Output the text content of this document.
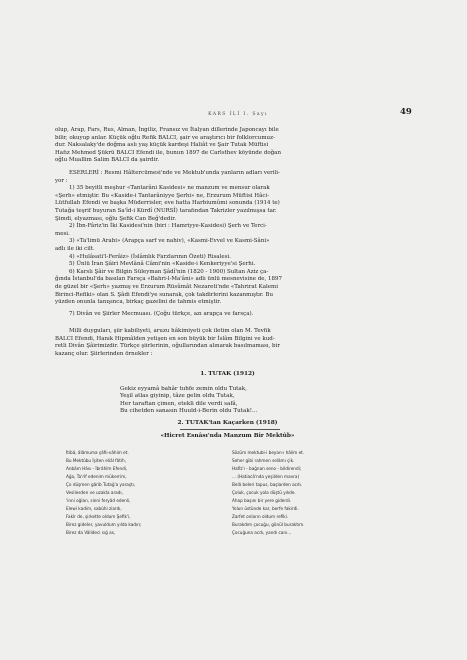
KARS İLİ I. Sayı	49

olup, Arap, Fars, Rus, Alman, İngiliz, Fransız ve İtalyan dillerinde Japoncayı bile

bilir, okuyup anlar. Küçük oğlu Refik BALCI, şair ve araştırıcı bir folklorcumuz-

dur. Naksalaky'de doğma aslı yaş küçük kardeşi Haliât ve Şair Tutak Müftisi

Hafız Mehmed Şükrü BALCI Efendi ile, bunun 1897 de Carlsthev köyünde doğan

oğlu Muallim Salim BALCI da şairdir.

ESERLERİ : Resmi Hâltercümesi'nde ve Mektub'unda yanların adları verili-

yor :

1) 35 beyitli meşhur «Tantarâni Kasidesi» ne manzum ve mensur olarak

«Şerh» etmiştir. Bu «Kaside-i Tantarâniyye Şerhi» ne, Erzurum Müftisi Hâci-

Lütfullah Efendi ve başka Müderrisler, eve hatta Harbiumûmi sonunda (1914 te)

Tutağa teşrif buyuran Sa'îd-i Kürdî (NURSÎ) tarafından Takrizler yazılmışsa tar.

Şimdi, elyazması, oğlu Şefik Can Beğ'dedir.

2) İbn-Fâriz'in İki Kasidesi'nin (biri : Hamriyye-Kasidesi) Şerh ve Terci-

mesi.

3) «Ta'limü Arabi» (Arapça sarf ve nahiv), «Kasmi-Evvel ve Kasmi-Sâni»

adlı ile iki cilt.

4) «Hulâsati'l-Ferâiz» (İslâmlık Farzlarının Özeti) Risalesi.

5) Ünlü İran Şâiri Mevlânâ Câmi'nin «Kaside-i Kenkeriyye'si Şerhi.

6) Karslı Şâir ve Bilgin Süleyman Şâdî'nin (1820 - 1900) Sultan Aziz ça-

ğında İstanbul'da basılan Farsça «Bahri-l-Ma'âni» adlı ünlü mesnevisine de, 1897

de güzel bir «Şerh» yazmış ve Erzurum Rüsûmât Nezareti'nde «Tahrirat Kalemi

Birinci-Refiki» olan S. Şâdi Efendi'ye sunarak, çok takdirlerini kazanmıştır. Bu

yüzden onunla tanışınca, birkaç gazelini de tahmis etmiştir.

7) Divân ve Şiirler Mecmuası. (Çoğu türkçe, azı arapça ve farsça).

Milli duyguları, şiir kabiliyeti, aruzu hâkimiyeti çok iletim olan M. Tevfik

BALCI Efendi, Hanık Hipmâlden yetişen en son büyük bir İslâm Bilgini ve kud-

retli Divân Şâirimizdir. Türkçe şiirlerinin, oğullarından alınarak basılmaması, bir

kazanç olur. Şiirlerinden örnekler :

1. TUTAK (1912)

Gekiz eyyamâ bahâr tuhfe zemin oldu Tutak,

Yeşil atlas giyinip, tâze gelin oldu Tutak,

Her taraftan çimen, etekli dile verdi safâ,

Bu cihetden sanasın Huuld-i-Berin oldu Tutak!...

2. TUTAK'tan Kaçarken (1918)
«Hicret Esnâsı'nda Manzum Bir Mektûb»

İtibâ, âlâmuma şâfiı-vâhim et.

Bu Mektûbu İşiten eliâl fâtih,

Anbâm Hâsı - İbrâhîm Efendi,

Ağa, Ta'rîf edenim mükerrim,

Ço düşmen gârib Tutağ'a yaraştı,

Vesilesden ve uzakla aradı,

'inni oğlan, sinni feryâd edenli,

Elewi kadim, sabûhi ziardı,

Fakîr de, şirkette oldum Şefik'i,

Birez gideler, yavuldum yılda kadırı;

Birez da Vâlideci sığ as,

Sözüm mektubi-i beyan-ı hâlim et.

Seher gibi rahmen selâmı çik.

Hafîz'ı - bağnan seno - bildirendi;

... (Hatiacâ'nda yeşilden mavra)

Belâ beleri tapus, başlarden acdı.

Çoluk, çocuk yola düştü yılıde.

Ahap başını bir yere giderdi.

Yolun üstünde kar, berfe fakirdi.

Zarfet onların oldum refîki.

Burakdım çocuğu, gönül buraktım.

Çocuğuna acdı, yandı canı...
